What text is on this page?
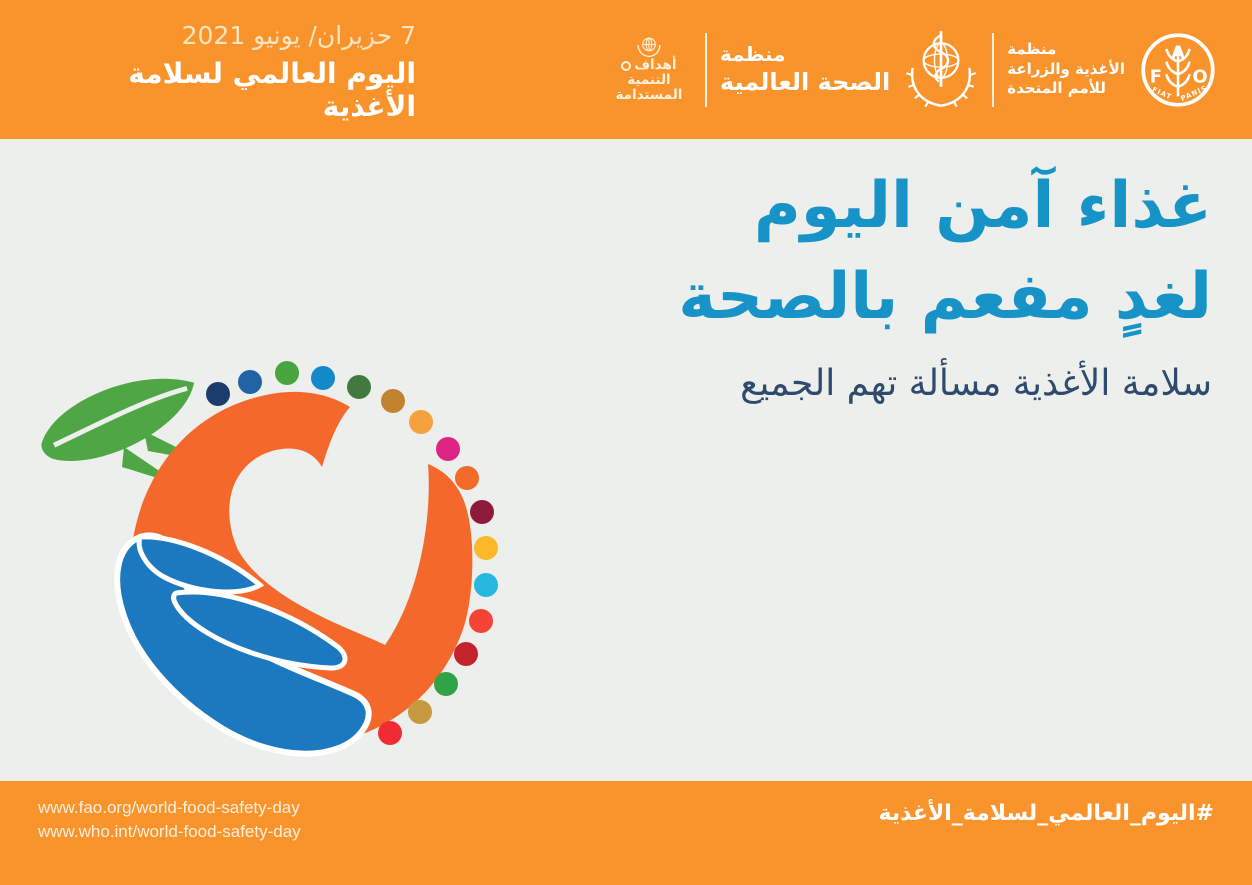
7 حزيران/ يونيو 2021
اليوم العالمي لسلامة الأغذية
أهداف
التنمية
المستدامة
منظمة
الصحة العالمية
منظمة
الأغذية والزراعة
للأمم المتحدة
F
A
O
FIAT PANIS
غذاء آمن اليوم
لغدٍ مفعم بالصحة
سلامة الأغذية مسألة تهم الجميع
www.fao.org/world-food-safety-day
www.who.int/world-food-safety-day
#اليوم_العالمي_لسلامة_الأغذية
